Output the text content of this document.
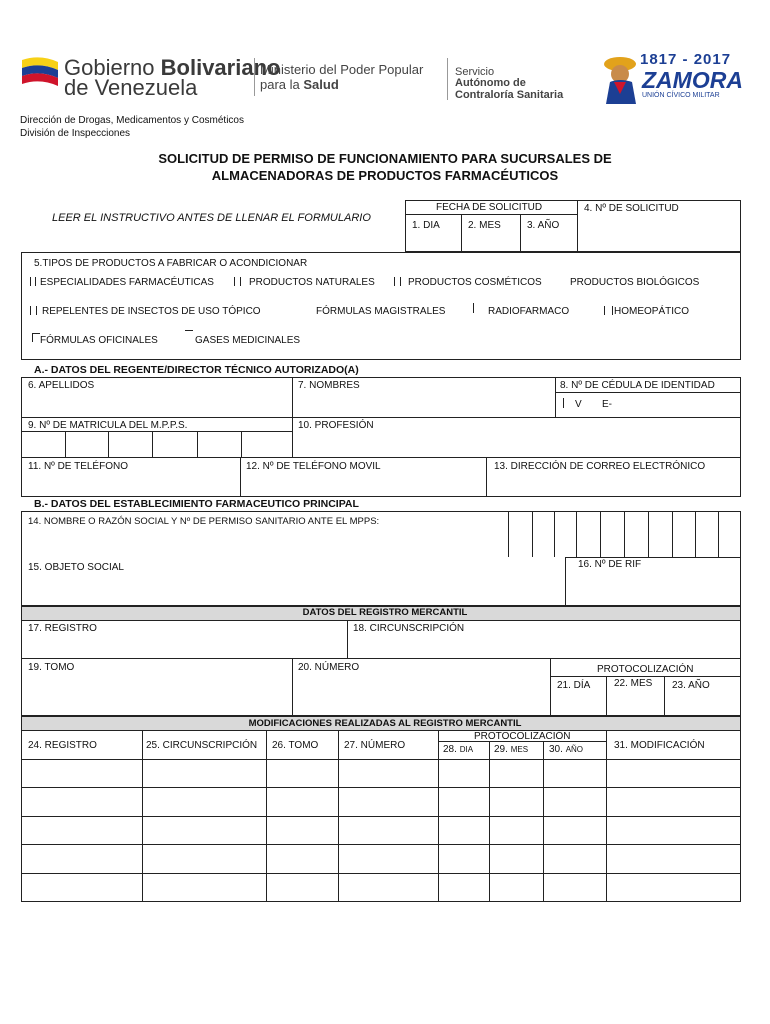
Gobierno Bolivariano
de Venezuela
Ministerio del Poder Popular
para la Salud
Servicio
Autónomo de
Contraloría Sanitaria
1817 - 2017
ZAMORA
UNIÓN CÍVICO MILITAR
Dirección de Drogas, Medicamentos y Cosméticos
División de Inspecciones
SOLICITUD DE PERMISO DE FUNCIONAMIENTO PARA SUCURSALES DE
ALMACENADORAS DE PRODUCTOS FARMACÉUTICOS
LEER EL INSTRUCTIVO ANTES DE LLENAR EL FORMULARIO
FECHA DE SOLICITUD
1. DIA	2. MES	3. AÑO
4. Nº DE SOLICITUD
5.TIPOS DE PRODUCTOS A FABRICAR O ACONDICIONAR
ESPECIALIDADES FARMACÉUTICAS	PRODUCTOS NATURALES	PRODUCTOS COSMÉTICOS	PRODUCTOS BIOLÓGICOS
REPELENTES DE INSECTOS DE USO TÓPICO	FÓRMULAS MAGISTRALES	RADIOFARMACO	HOMEOPÁTICO
FÓRMULAS OFICINALES	GASES MEDICINALES
A.- DATOS DEL REGENTE/DIRECTOR TÉCNICO AUTORIZADO(A)
6. APELLIDOS	7. NOMBRES	8. Nº DE CÉDULA DE IDENTIDAD
V E-
9. Nº DE MATRICULA DEL M.P.P.S.	10. PROFESIÓN
11. Nº DE TELÉFONO	12. Nº DE TELÉFONO MOVIL	13. DIRECCIÓN DE CORREO ELECTRÓNICO
B.- DATOS DEL ESTABLECIMIENTO FARMACEUTICO PRINCIPAL
14. NOMBRE O RAZÓN SOCIAL Y Nº DE PERMISO SANITARIO ANTE EL MPPS:
15. OBJETO SOCIAL	16. Nº DE RIF
DATOS DEL REGISTRO MERCANTIL
17. REGISTRO	18. CIRCUNSCRIPCIÓN
19. TOMO	20. NÚMERO	PROTOCOLIZACIÓN
21. DÍA 22. MES 23. AÑO
MODIFICACIONES REALIZADAS AL REGISTRO MERCANTIL
24. REGISTRO	25. CIRCUNSCRIPCIÓN 26. TOMO	27. NÚMERO
PROTOCOLIZACIÓN
28. DIA 29. MES 30. AÑO	31. MODIFICACIÓN
